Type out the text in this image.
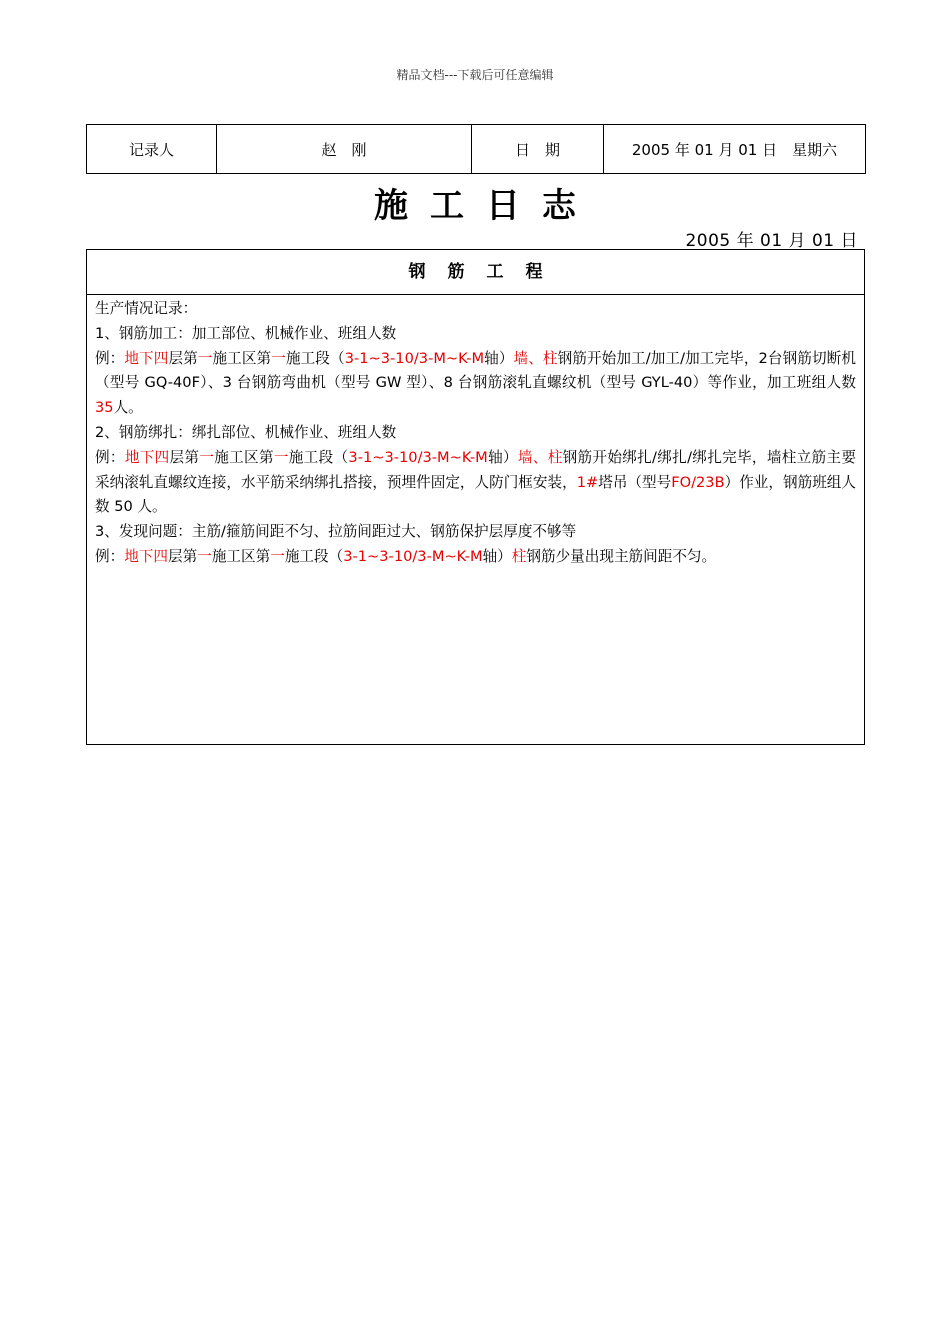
精品文档---下载后可任意编辑
记录人	赵　刚	日　期	2005 年 01 月 01 日　星期六
施工日志
2005 年 01 月 01 日
钢筋工程

生产情况记录：

1、钢筋加工：加工部位、机械作业、班组人数

例：地下四层第一施工区第一施工段（3-1~3-10/3-M~K-M轴）墙、柱钢筋开始加工/加工/加工完毕，2台钢筋切断机（型号 GQ-40F）、3 台钢筋弯曲机（型号 GW 型）、8 台钢筋滚轧直螺纹机（型号 GYL-40）等作业，加工班组人数35人。

2、钢筋绑扎：绑扎部位、机械作业、班组人数

例：地下四层第一施工区第一施工段（3-1~3-10/3-M~K-M轴）墙、柱钢筋开始绑扎/绑扎/绑扎完毕，墙柱立筋主要采纳滚轧直螺纹连接，水平筋采纳绑扎搭接，预埋件固定，人防门框安装，1#塔吊（型号FO/23B）作业，钢筋班组人数 50 人。

3、发现问题：主筋/箍筋间距不匀、拉筋间距过大、钢筋保护层厚度不够等

例：地下四层第一施工区第一施工段（3-1~3-10/3-M~K-M轴）柱钢筋少量出现主筋间距不匀。
